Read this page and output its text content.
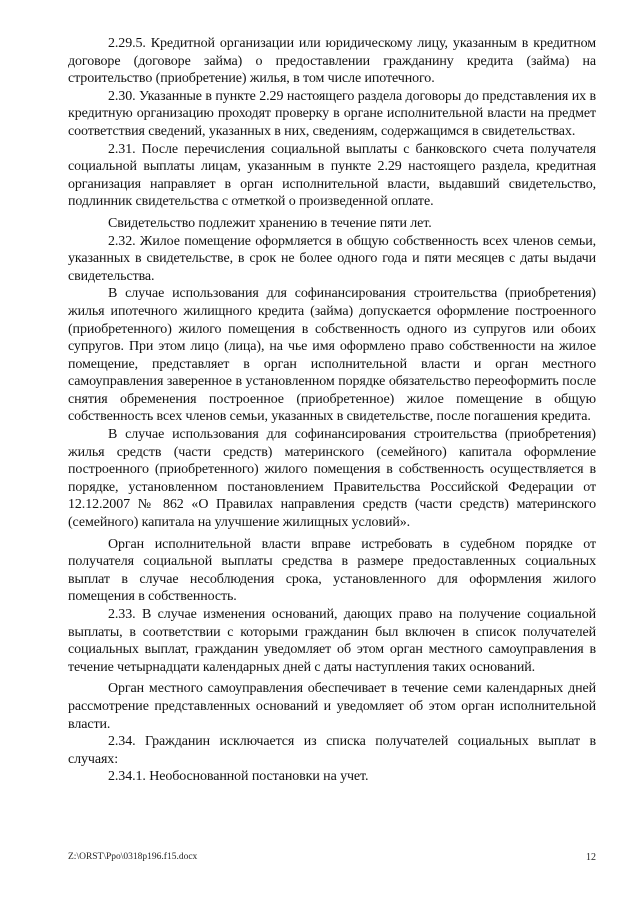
2.29.5. Кредитной организации или юридическому лицу, указанным в кредитном договоре (договоре займа) о предоставлении гражданину кредита (займа) на строительство (приобретение) жилья, в том числе ипотечного.

2.30. Указанные в пункте 2.29 настоящего раздела договоры до представления их в кредитную организацию проходят проверку в органе исполнительной власти на предмет соответствия сведений, указанных в них, сведениям, содержащимся в свидетельствах.

2.31. После перечисления социальной выплаты с банковского счета получателя социальной выплаты лицам, указанным в пункте 2.29 настоящего раздела, кредитная организация направляет в орган исполнительной власти, выдавший свидетельство, подлинник свидетельства с отметкой о произведенной оплате.

Свидетельство подлежит хранению в течение пяти лет.

2.32. Жилое помещение оформляется в общую собственность всех членов семьи, указанных в свидетельстве, в срок не более одного года и пяти месяцев с даты выдачи свидетельства.

В случае использования для софинансирования строительства (приобретения) жилья ипотечного жилищного кредита (займа) допускается оформление построенного (приобретенного) жилого помещения в собственность одного из супругов или обоих супругов. При этом лицо (лица), на чье имя оформлено право собственности на жилое помещение, представляет в орган исполнительной власти и орган местного самоуправления заверенное в установленном порядке обязательство переоформить после снятия обременения построенное (приобретенное) жилое помещение в общую собственность всех членов семьи, указанных в свидетельстве, после погашения кредита.

В случае использования для софинансирования строительства (приобретения) жилья средств (части средств) материнского (семейного) капитала оформление построенного (приобретенного) жилого помещения в собственность осуществляется в порядке, установленном постановлением Правительства Российской Федерации от 12.12.2007 № 862 «О Правилах направления средств (части средств) материнского (семейного) капитала на улучшение жилищных условий».

Орган исполнительной власти вправе истребовать в судебном порядке от получателя социальной выплаты средства в размере предоставленных социальных выплат в случае несоблюдения срока, установленного для оформления жилого помещения в собственность.

2.33. В случае изменения оснований, дающих право на получение социальной выплаты, в соответствии с которыми гражданин был включен в список получателей социальных выплат, гражданин уведомляет об этом орган местного самоуправления в течение четырнадцати календарных дней с даты наступления таких оснований.

Орган местного самоуправления обеспечивает в течение семи календарных дней рассмотрение представленных оснований и уведомляет об этом орган исполнительной власти.

2.34. Гражданин исключается из списка получателей социальных выплат в случаях:

2.34.1. Необоснованной постановки на учет.

Z:\ORST\Ppo\0318p196.f15.docx	12
